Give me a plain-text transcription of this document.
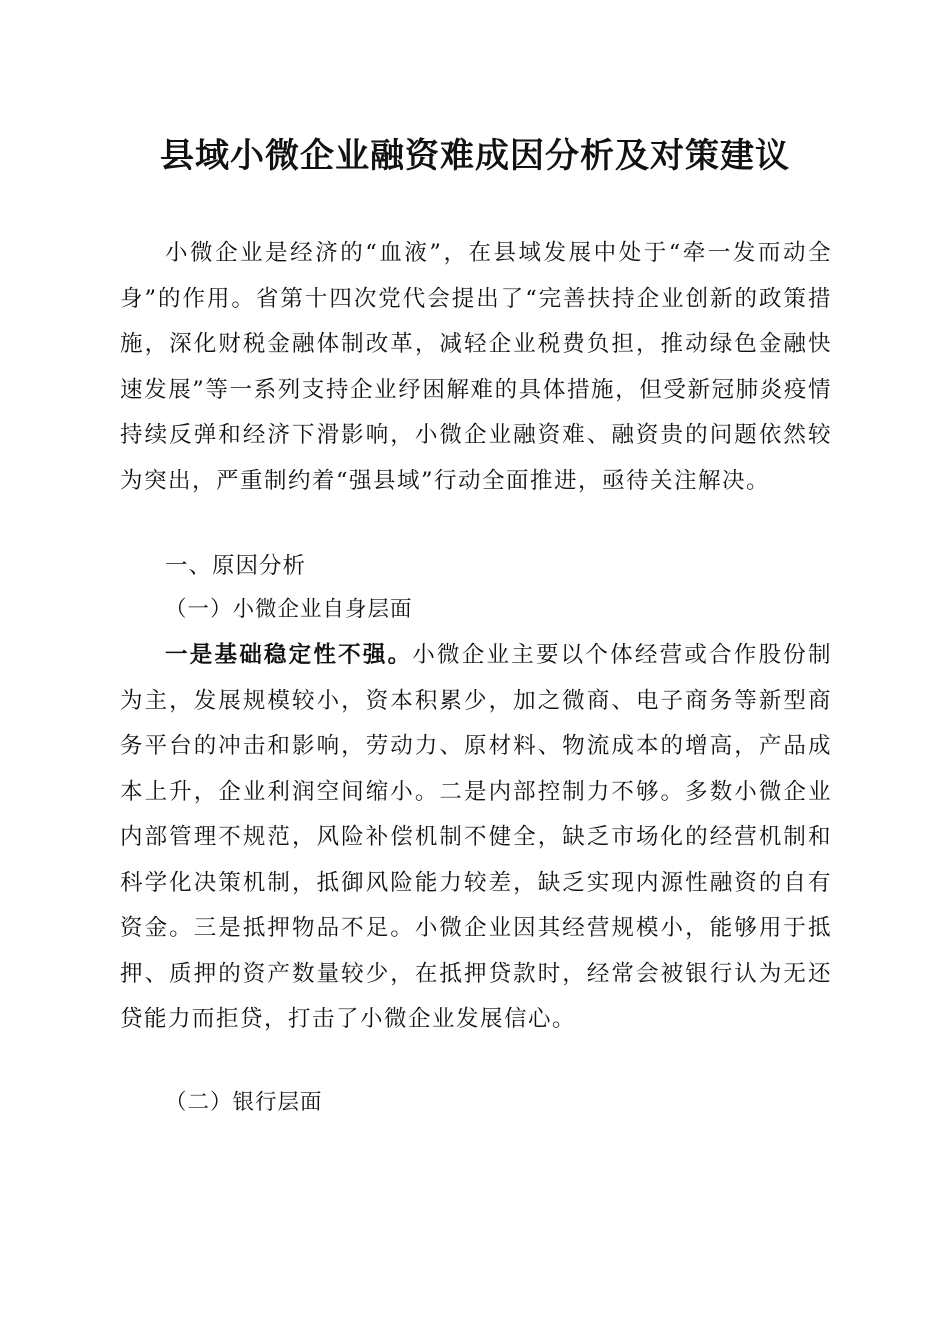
县域小微企业融资难成因分析及对策建议
小微企业是经济的“血液”，在县域发展中处于“牵一发而动全身”的作用。省第十四次党代会提出了“完善扶持企业创新的政策措施，深化财税金融体制改革，减轻企业税费负担，推动绿色金融快速发展”等一系列支持企业纾困解难的具体措施，但受新冠肺炎疫情持续反弹和经济下滑影响，小微企业融资难、融资贵的问题依然较为突出，严重制约着“强县域”行动全面推进，亟待关注解决。
一、原因分析
（一）小微企业自身层面
一是基础稳定性不强。小微企业主要以个体经营或合作股份制为主，发展规模较小，资本积累少，加之微商、电子商务等新型商务平台的冲击和影响，劳动力、原材料、物流成本的增高，产品成本上升，企业利润空间缩小。二是内部控制力不够。多数小微企业内部管理不规范，风险补偿机制不健全，缺乏市场化的经营机制和科学化决策机制，抵御风险能力较差，缺乏实现内源性融资的自有资金。三是抵押物品不足。小微企业因其经营规模小，能够用于抵押、质押的资产数量较少，在抵押贷款时，经常会被银行认为无还贷能力而拒贷，打击了小微企业发展信心。
（二）银行层面
